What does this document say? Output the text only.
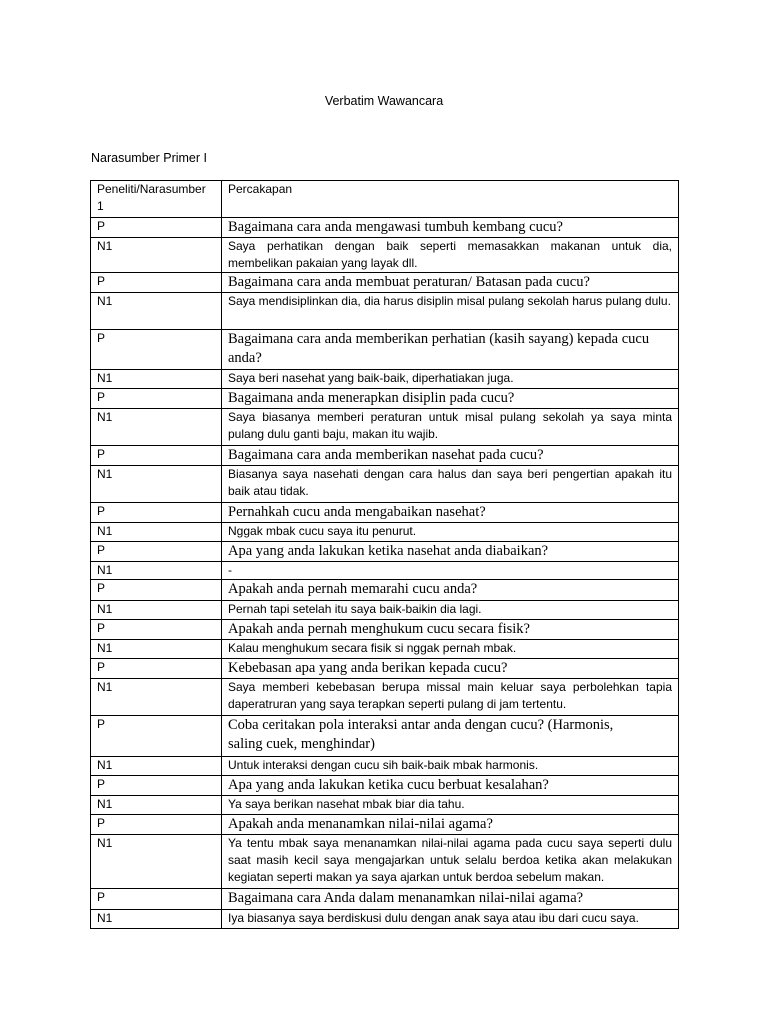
Verbatim Wawancara
Narasumber Primer I
Peneliti/Narasumber 1	Percakapan
P	Bagaimana cara anda mengawasi tumbuh kembang cucu?
N1	Saya perhatikan dengan baik seperti memasakkan makanan untuk dia, membelikan pakaian yang layak dll.
P	Bagaimana cara anda membuat peraturan/ Batasan pada cucu?
N1	Saya mendisiplinkan dia, dia harus disiplin misal pulang sekolah harus pulang dulu.
P	Bagaimana cara anda memberikan perhatian (kasih sayang) kepada cucu anda?
N1	Saya beri nasehat yang baik-baik, diperhatiakan juga.
P	Bagaimana anda menerapkan disiplin pada cucu?
N1	Saya biasanya memberi peraturan untuk misal pulang sekolah ya saya minta pulang dulu ganti baju, makan itu wajib.
P	Bagaimana cara anda memberikan nasehat pada cucu?
N1	Biasanya saya nasehati dengan cara halus dan saya beri pengertian apakah itu baik atau tidak.
P	Pernahkah cucu anda mengabaikan nasehat?
N1	Nggak mbak cucu saya itu penurut.
P	Apa yang anda lakukan ketika nasehat anda diabaikan?
N1	-
P	Apakah anda pernah memarahi cucu anda?
N1	Pernah tapi setelah itu saya baik-baikin dia lagi.
P	Apakah anda pernah menghukum cucu secara fisik?
N1	Kalau menghukum secara fisik si nggak pernah mbak.
P	Kebebasan apa yang anda berikan kepada cucu?
N1	Saya memberi kebebasan berupa missal main keluar saya perbolehkan tapia daperatruran yang saya terapkan seperti pulang di jam tertentu.
P	Coba ceritakan pola interaksi antar anda dengan cucu? (Harmonis, saling cuek, menghindar)

N1	Untuk interaksi dengan cucu sih baik-baik mbak harmonis.
P	Apa yang anda lakukan ketika cucu berbuat kesalahan?
N1	Ya saya berikan nasehat mbak biar dia tahu.
P	Apakah anda menanamkan nilai-nilai agama?
N1	Ya tentu mbak saya menanamkan nilai-nilai agama pada cucu saya seperti dulu saat masih kecil saya mengajarkan untuk selalu berdoa ketika akan melakukan kegiatan seperti makan ya saya ajarkan untuk berdoa sebelum makan.
P	Bagaimana cara Anda dalam menanamkan nilai-nilai agama?
N1	Iya biasanya saya berdiskusi dulu dengan anak saya atau ibu dari cucu saya.
